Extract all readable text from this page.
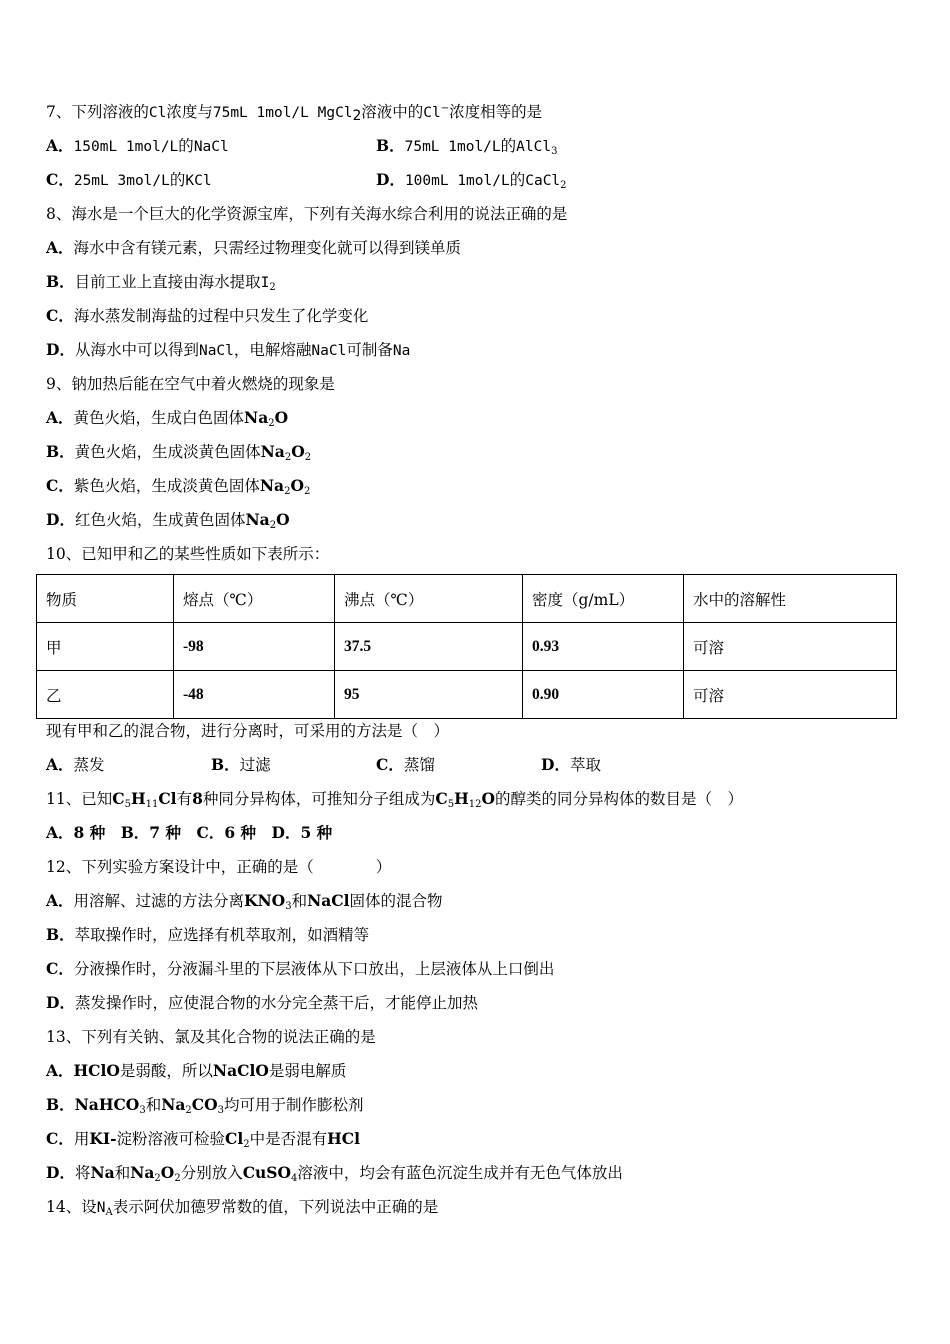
7、下列溶液的Cl浓度与75mL 1mol/L MgCl$_2$溶液中的Cl−浓度相等的是
A．150mL 1mol/L的NaCl	B．75mL 1mol/L的AlCl$_3$
C．25mL 3mol/L的KCl	D．100mL 1mol/L的CaCl$_2$
8、海水是一个巨大的化学资源宝库，下列有关海水综合利用的说法正确的是
A．海水中含有镁元素，只需经过物理变化就可以得到镁单质
B．目前工业上直接由海水提取$I_2$
C．海水蒸发制海盐的过程中只发生了化学变化
D．从海水中可以得到NaCl，电解熔融NaCl可制备Na
9、钠加热后能在空气中着火燃烧的现象是
A．黄色火焰，生成白色固体$Na_2O$
B．黄色火焰，生成淡黄色固体$Na_2O_2$
C．紫色火焰，生成淡黄色固体$Na_2O_2$
D．红色火焰，生成黄色固体$Na_2O$
10、已知甲和乙的某些性质如下表所示：
物质	熔点（℃）	沸点（℃）	密度（g/mL）	水中的溶解性
甲	-98	37.5	0.93	可溶
乙	-48	95	0.90	可溶
现有甲和乙的混合物，进行分离时，可采用的方法是（　）
A．蒸发	B．过滤	C．蒸馏	D．萃取
11、已知$C_5H_{11}Cl$有8种同分异构体，可推知分子组成为$C_5H_{12}O$的醇类的同分异构体的数目是（　）
A．8 种　B．7 种　C．6 种　D．5 种
12、下列实验方案设计中，正确的是（　　　　）
A．用溶解、过滤的方法分离$KNO_3$和NaCl固体的混合物
B．萃取操作时，应选择有机萃取剂，如酒精等
C．分液操作时，分液漏斗里的下层液体从下口放出，上层液体从上口倒出
D．蒸发操作时，应使混合物的水分完全蒸干后，才能停止加热
13、下列有关钠、氯及其化合物的说法正确的是
A．HClO是弱酸，所以NaClO是弱电解质
B．NaHCO$_3$和$Na_2CO_3$均可用于制作膨松剂
C．用KI-淀粉溶液可检验$Cl_2$中是否混有HCl
D．将Na和$Na_2O_2$分别放入CuSO$_4$溶液中，均会有蓝色沉淀生成并有无色气体放出
14、设$N_A$表示阿伏加德罗常数的值，下列说法中正确的是
